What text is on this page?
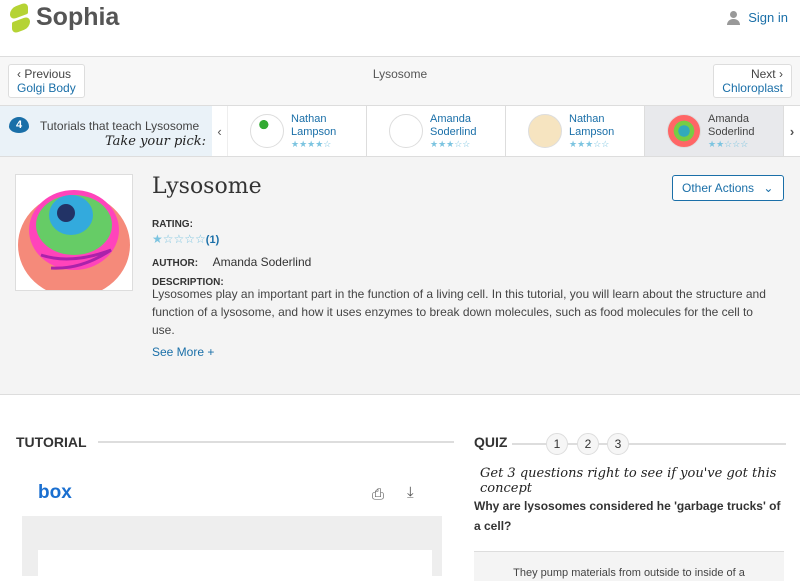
Sophia	Sign in
‹ Previous
Golgi Body
Lysosome	Next ›
Chloroplast
4	Tutorials that teach Lysosome
Take your pick:
‹
Nathan
Lampson
★★★★☆
Amanda
Soderlind
★★★☆☆
Nathan
Lampson
★★★☆☆
Amanda
Soderlind
★★☆☆☆
›
Lysosome	Other Actions ⌄
RATING:
★☆☆☆☆(1)
AUTHOR: Amanda Soderlind
DESCRIPTION:
Lysosomes play an important part in the function of a living cell. In this tutorial, you will learn about the structure and function of a lysosome, and how it uses enzymes to break down molecules, such as food molecules for the cell to use.
See More +
TUTORIAL
box	⎙ ⤓
QUIZ	1	2	3
Get 3 questions right to see if you've got this concept
Why are lysosomes considered he 'garbage trucks' of a cell?
They pump materials from outside to inside of a
